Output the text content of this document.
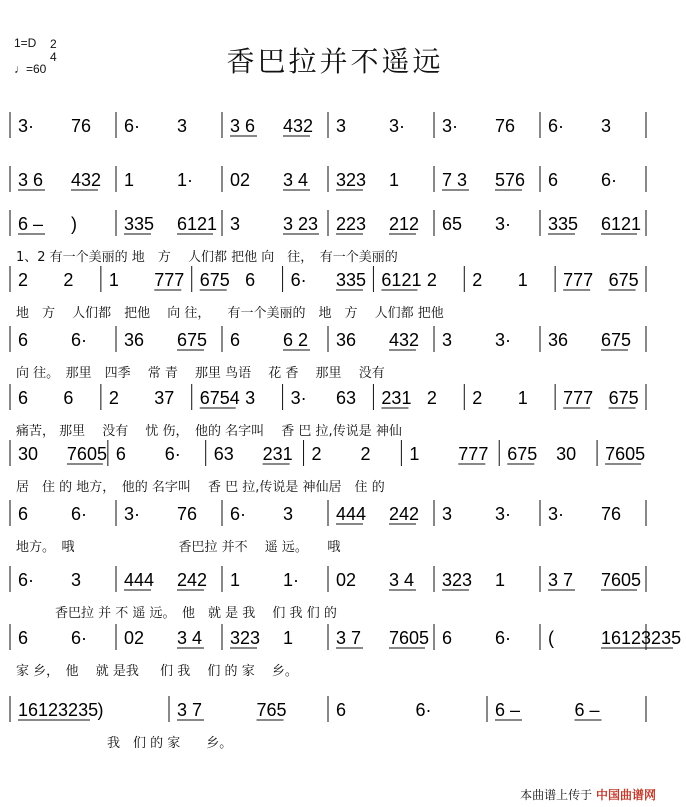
1=D 2
4
♩=60	香巴拉并不遥远
3· 76 6· 3 3 6 432 3 3· 3· 76 6· 3
3 6 432 1 1· 02 3 4 323 1 7 3 576 6 6·
6 – )	335 6121 3 3 23 223 212 65 3· 335 6121
1、2 有一个美丽的 地　方　 人们都 把他 向　往，　有一个美丽的
2 2 1 777 675 6 6· 335 6121 2 2 1 777 675
地　方　 人们都　把他 　向 往， 　有一个美丽的　地　方　 人们都 把他
6 6· 36 675 6 6 2 36 432 3 3· 36 675
向 往。　那里　四季 　常 青　 那里 鸟语 　花 香　 那里 　没有
6 6 2 37 6754 3 3· 63 231 2 2 1 777 675
痛苦， 那里 　没有 　忧 伤，　他的 名字叫 　香 巴 拉,传说是 神仙
30 7605 6 6· 63 231 2 2 1 777 675 30 7605
居　住 的 地方，　他的 名字叫 　香 巴 拉,传说是 神仙居　住 的
6 6· 3· 76 6· 3 444 242 3 3· 3· 76
地方。　哦　　　　　　　　香巴拉 并不 　遥 远。　　哦
6· 3 444 242 1 1· 02 3 4 323 1 3 7 7605
　　　香巴拉 并 不 遥 远。　他　就 是 我 　们 我 们 的
6 6· 02 3 4 323 1 3 7 7605 6 6· (	16123235
家 乡，　他　 就 是我 　 们 我 　们 的 家 　乡。
16123235 )	3 7	765	6	6·	6 –	6 –
　　　　　　　我　们 的 家　　乡。
本曲谱上传于 中国曲谱网
